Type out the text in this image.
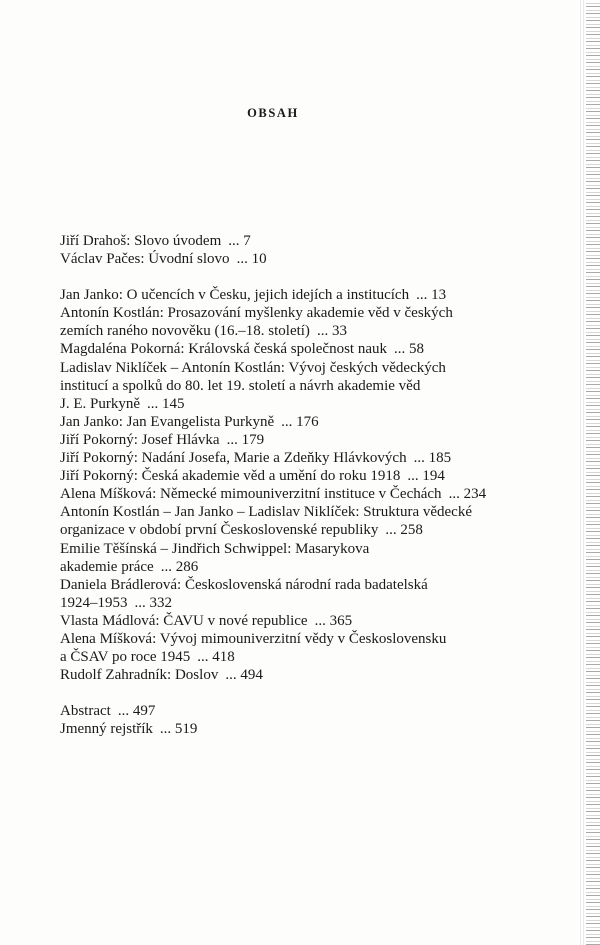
OBSAH
Jiří Drahoš: Slovo úvodem ... 7
Václav Pačes: Úvodní slovo ... 10
Jan Janko: O učencích v Česku, jejich idejích a institucích ... 13
Antonín Kostlán: Prosazování myšlenky akademie věd v českých
zemích raného novověku (16.–18. století) ... 33
Magdaléna Pokorná: Královská česká společnost nauk ... 58
Ladislav Niklíček – Antonín Kostlán: Vývoj českých vědeckých
institucí a spolků do 80. let 19. století a návrh akademie věd
J. E. Purkyně ... 145
Jan Janko: Jan Evangelista Purkyně ... 176
Jiří Pokorný: Josef Hlávka ... 179
Jiří Pokorný: Nadání Josefa, Marie a Zdeňky Hlávkových ... 185
Jiří Pokorný: Česká akademie věd a umění do roku 1918 ... 194
Alena Míšková: Německé mimouniverzitní instituce v Čechách ... 234
Antonín Kostlán – Jan Janko – Ladislav Niklíček: Struktura vědecké
organizace v období první Československé republiky ... 258
Emilie Těšínská – Jindřich Schwippel: Masarykova
akademie práce ... 286
Daniela Brádlerová: Československá národní rada badatelská
1924–1953 ... 332
Vlasta Mádlová: ČAVU v nové republice ... 365
Alena Míšková: Vývoj mimouniverzitní vědy v Československu
a ČSAV po roce 1945 ... 418
Rudolf Zahradník: Doslov ... 494
Abstract ... 497
Jmenný rejstřík ... 519
